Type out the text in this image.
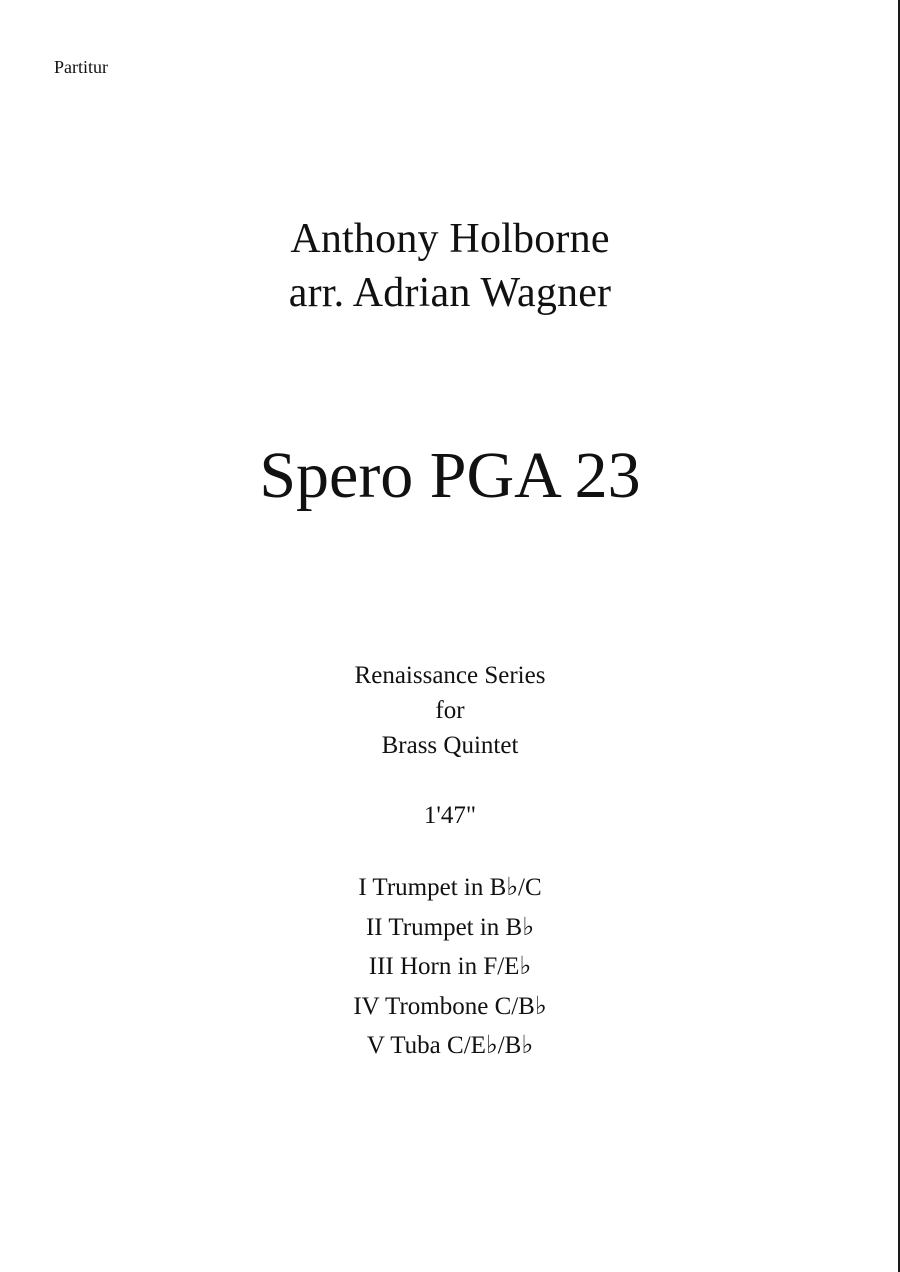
Partitur
Anthony Holborne
arr. Adrian Wagner
Spero PGA 23
Renaissance Series
for
Brass Quintet
1'47"
I Trumpet in B♭/C
II Trumpet in B♭
III Horn in F/E♭
IV Trombone C/B♭
V Tuba C/E♭/B♭
